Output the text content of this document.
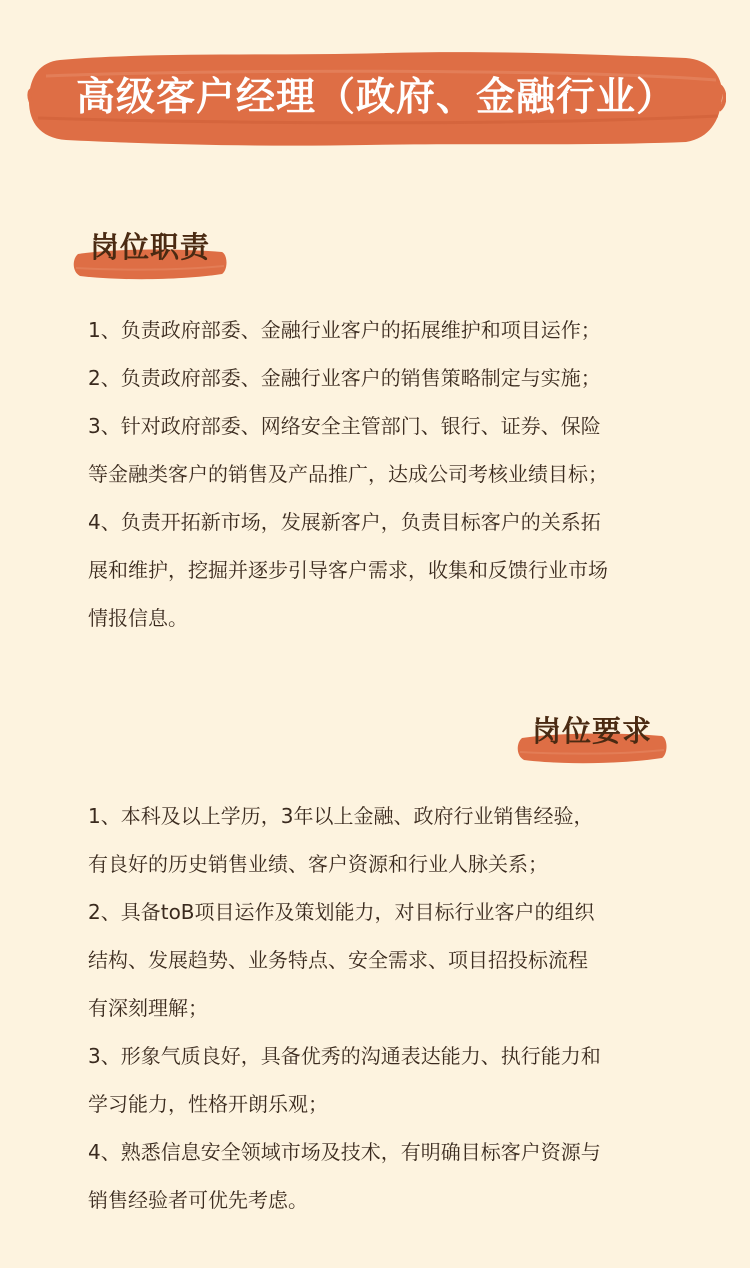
高级客户经理（政府、金融行业）
岗位职责
1、负责政府部委、金融行业客户的拓展维护和项目运作；
2、负责政府部委、金融行业客户的销售策略制定与实施；
3、针对政府部委、网络安全主管部门、银行、证券、保险
等金融类客户的销售及产品推广，达成公司考核业绩目标；
4、负责开拓新市场，发展新客户，负责目标客户的关系拓
展和维护，挖掘并逐步引导客户需求，收集和反馈行业市场
情报信息。
岗位要求
1、本科及以上学历，3年以上金融、政府行业销售经验，
有良好的历史销售业绩、客户资源和行业人脉关系；
2、具备toB项目运作及策划能力，对目标行业客户的组织
结构、发展趋势、业务特点、安全需求、项目招投标流程
有深刻理解；
3、形象气质良好，具备优秀的沟通表达能力、执行能力和
学习能力，性格开朗乐观；
4、熟悉信息安全领域市场及技术，有明确目标客户资源与
销售经验者可优先考虑。
